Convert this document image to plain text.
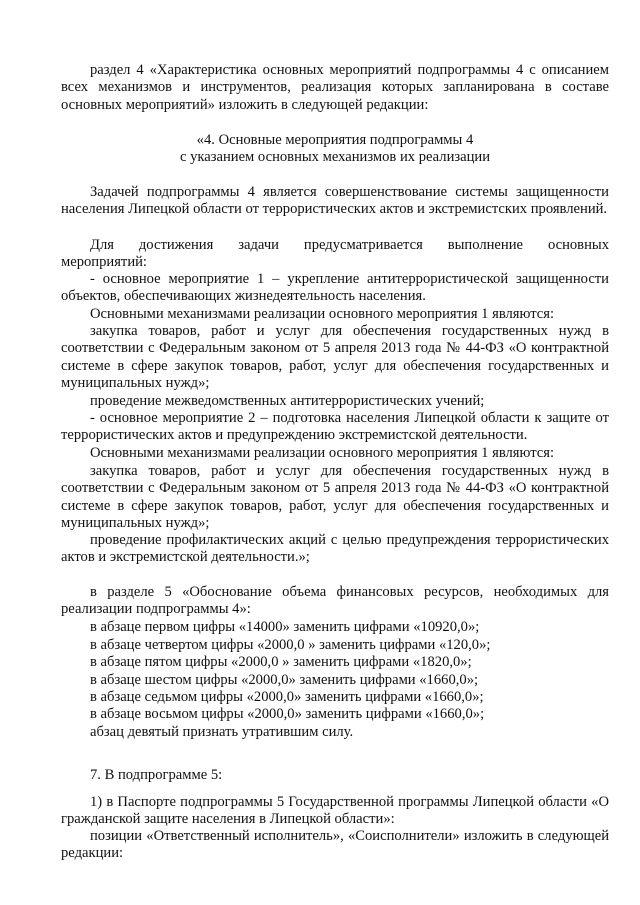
раздел 4 «Характеристика основных мероприятий подпрограммы 4 с описанием всех механизмов и инструментов, реализация которых запланирована в составе основных мероприятий» изложить в следующей редакции:

«4. Основные мероприятия подпрограммы 4

с указанием основных механизмов их реализации

Задачей подпрограммы 4 является совершенствование системы защищенности населения Липецкой области от террористических актов и экстремистских проявлений.

Для достижения задачи предусматривается выполнение основных

мероприятий:

- основное мероприятие 1 – укрепление антитеррористической защищенности объектов, обеспечивающих жизнедеятельность населения.

Основными механизмами реализации основного мероприятия 1 являются:

закупка товаров, работ и услуг для обеспечения государственных нужд в соответствии с Федеральным законом от 5 апреля 2013 года № 44-ФЗ «О контрактной системе в сфере закупок товаров, работ, услуг для обеспечения государственных и муниципальных нужд»;

проведение межведомственных антитеррористических учений;

- основное мероприятие 2 – подготовка населения Липецкой области к защите от террористических актов и предупреждению экстремистской деятельности.

Основными механизмами реализации основного мероприятия 1 являются:

закупка товаров, работ и услуг для обеспечения государственных нужд в соответствии с Федеральным законом от 5 апреля 2013 года № 44-ФЗ «О контрактной системе в сфере закупок товаров, работ, услуг для обеспечения государственных и муниципальных нужд»;

проведение профилактических акций с целью предупреждения террористических актов и экстремистской деятельности.»;

в разделе 5 «Обоснование объема финансовых ресурсов, необходимых для реализации подпрограммы 4»:

в абзаце первом цифры «14000» заменить цифрами «10920,0»;

в абзаце четвертом цифры «2000,0 » заменить цифрами «120,0»;

в абзаце пятом цифры «2000,0 » заменить цифрами «1820,0»;

в абзаце шестом цифры «2000,0» заменить цифрами «1660,0»;

в абзаце седьмом цифры «2000,0» заменить цифрами «1660,0»;

в абзаце восьмом цифры «2000,0» заменить цифрами «1660,0»;

абзац девятый признать утратившим силу.

7. В подпрограмме 5:

1) в Паспорте подпрограммы 5 Государственной программы Липецкой области «О гражданской защите населения в Липецкой области»:

позиции «Ответственный исполнитель», «Соисполнители» изложить в следующей редакции:
